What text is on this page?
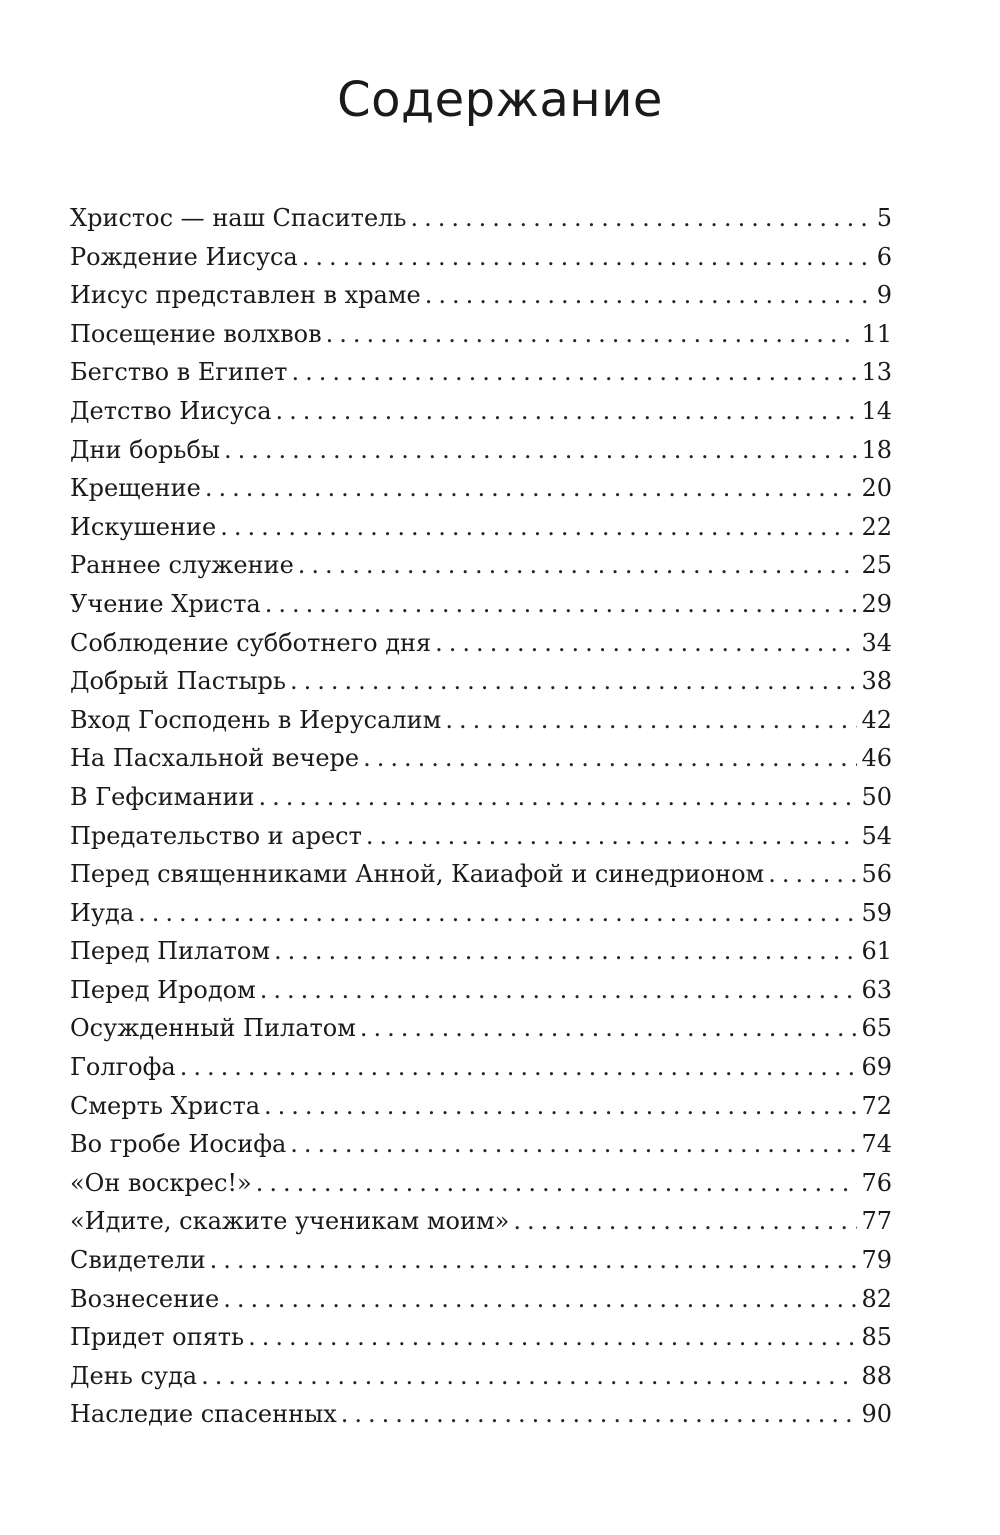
Содержание
Христос — наш Спаситель .....	5
Рождение Иисуса .....	6
Иисус представлен в храме .....	9
Посещение волхвов .....	11
Бегство в Египет .....	13
Детство Иисуса .....	14
Дни борьбы .....	18
Крещение .....	20
Искушение .....	22
Раннее служение .....	25
Учение Христа .....	29
Соблюдение субботнего дня .....	34
Добрый Пастырь .....	38
Вход Господень в Иерусалим .....	42
На Пасхальной вечере .....	46
В Гефсимании .....	50
Предательство и арест .....	54
Перед священниками Анной, Каиафой и синедрионом .....	56
Иуда .....	59
Перед Пилатом .....	61
Перед Иродом .....	63
Осужденный Пилатом .....	65
Голгофа .....	69
Смерть Христа .....	72
Во гробе Иосифа .....	74
«Он воскрес!» .....	76
«Идите, скажите ученикам моим» .....	77
Свидетели .....	79
Вознесение .....	82
Придет опять .....	85
День суда .....	88
Наследие спасенных .....	90
